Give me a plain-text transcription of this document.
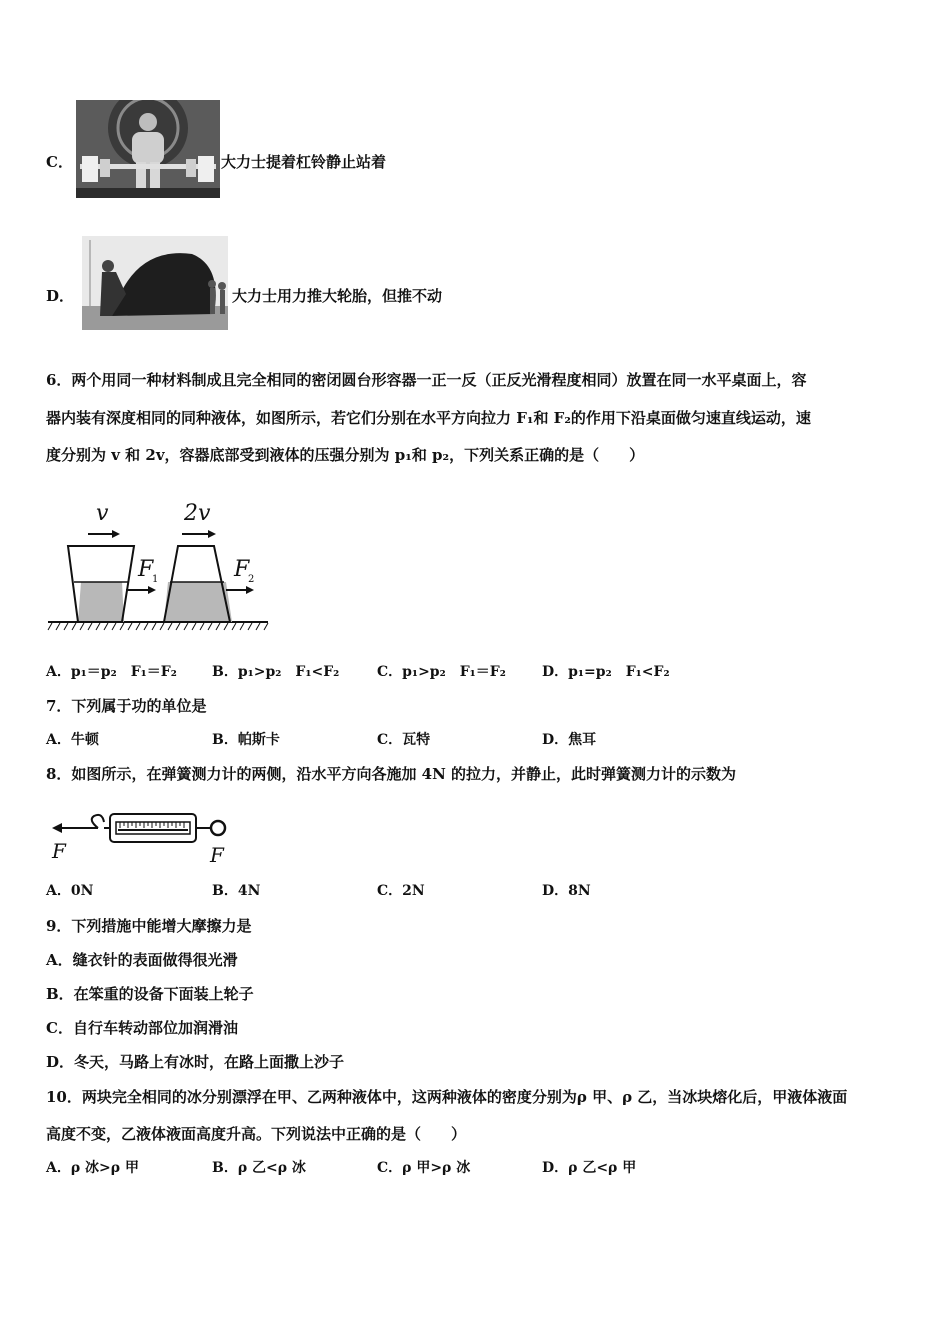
C．	大力士提着杠铃静止站着
D．	大力士用力推大轮胎，但推不动
6．两个用同一种材料制成且完全相同的密闭圆台形容器一正一反（正反光滑程度相同）放置在同一水平桌面上，容
器内装有深度相同的同种液体，如图所示，若它们分别在水平方向拉力 F₁和 F₂的作用下沿桌面做匀速直线运动，速
度分别为 v 和 2v，容器底部受到液体的压强分别为 p₁和 p₂，下列关系正确的是（　　）
v	2v
F
1	F
2
A．p₁＝p₂　F₁＝F₂	B．p₁>p₂　F₁<F₂	C．p₁>p₂　F₁＝F₂	D．p₁=p₂　F₁<F₂
7．下列属于功的单位是
A．牛顿	B．帕斯卡	C．瓦特	D．焦耳
8．如图所示，在弹簧测力计的两侧，沿水平方向各施加 4N 的拉力，并静止，此时弹簧测力计的示数为
F	F
A．0N	B．4N	C．2N	D．8N
9．下列措施中能增大摩擦力是
A．缝衣针的表面做得很光滑
B．在笨重的设备下面装上轮子
C．自行车转动部位加润滑油
D．冬天，马路上有冰时，在路上面撒上沙子
10．两块完全相同的冰分别漂浮在甲、乙两种液体中，这两种液体的密度分别为ρ 甲、ρ 乙，当冰块熔化后，甲液体液面
高度不变，乙液体液面高度升高。下列说法中正确的是（　　）
A．ρ 冰>ρ 甲	B．ρ 乙<ρ 冰	C．ρ 甲>ρ 冰	D．ρ 乙<ρ 甲
